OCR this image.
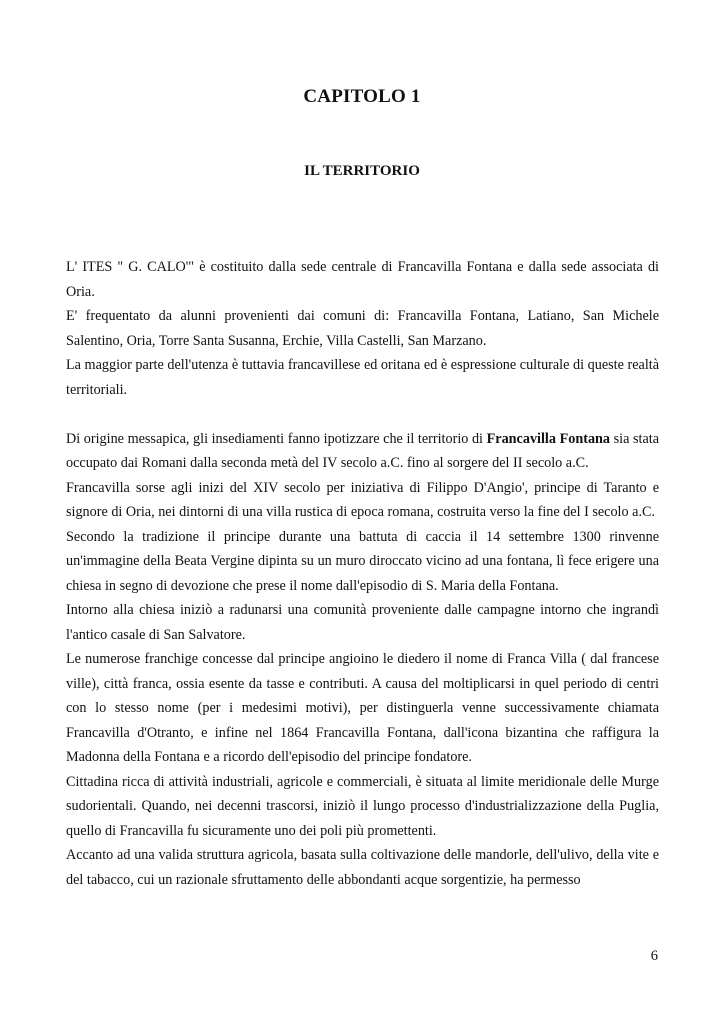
CAPITOLO 1
IL TERRITORIO

L' ITES " G. CALO'" è costituito dalla sede centrale di Francavilla Fontana e dalla sede associata di Oria.

E' frequentato da alunni provenienti dai comuni di: Francavilla Fontana, Latiano, San Michele Salentino, Oria, Torre Santa Susanna, Erchie, Villa Castelli, San Marzano.

La maggior parte dell'utenza è tuttavia francavillese ed oritana ed è espressione culturale di queste realtà territoriali.

Di origine messapica, gli insediamenti fanno ipotizzare che il territorio di Francavilla Fontana sia stata occupato dai Romani dalla seconda metà del IV secolo a.C. fino al sorgere del II secolo a.C.

Francavilla sorse agli inizi del XIV secolo per iniziativa di Filippo D'Angio', principe di Taranto e signore di Oria, nei dintorni di una villa rustica di epoca romana, costruita verso la fine del I secolo a.C.

Secondo la tradizione il principe durante una battuta di caccia il 14 settembre 1300 rinvenne un'immagine della Beata Vergine dipinta su un muro diroccato vicino ad una fontana, lì fece erigere una chiesa in segno di devozione che prese il nome dall'episodio di S. Maria della Fontana.

Intorno alla chiesa iniziò a radunarsi una comunità proveniente dalle campagne intorno che ingrandì l'antico casale di San Salvatore.

Le numerose franchige concesse dal principe angioino le diedero il nome di Franca Villa ( dal francese ville), città franca, ossia esente da tasse e contributi. A causa del moltiplicarsi in quel periodo di centri con lo stesso nome (per i medesimi motivi), per distinguerla venne successivamente chiamata Francavilla d'Otranto, e infine nel 1864 Francavilla Fontana, dall'icona bizantina che raffigura la Madonna della Fontana e a ricordo dell'episodio del principe fondatore.

Cittadina ricca di attività industriali, agricole e commerciali, è situata al limite meridionale delle Murge sudorientali. Quando, nei decenni trascorsi, iniziò il lungo processo d'industrializzazione della Puglia, quello di Francavilla fu sicuramente uno dei poli più promettenti.

Accanto ad una valida struttura agricola, basata sulla coltivazione delle mandorle, dell'ulivo, della vite e del tabacco, cui un razionale sfruttamento delle abbondanti acque sorgentizie, ha permesso

6
